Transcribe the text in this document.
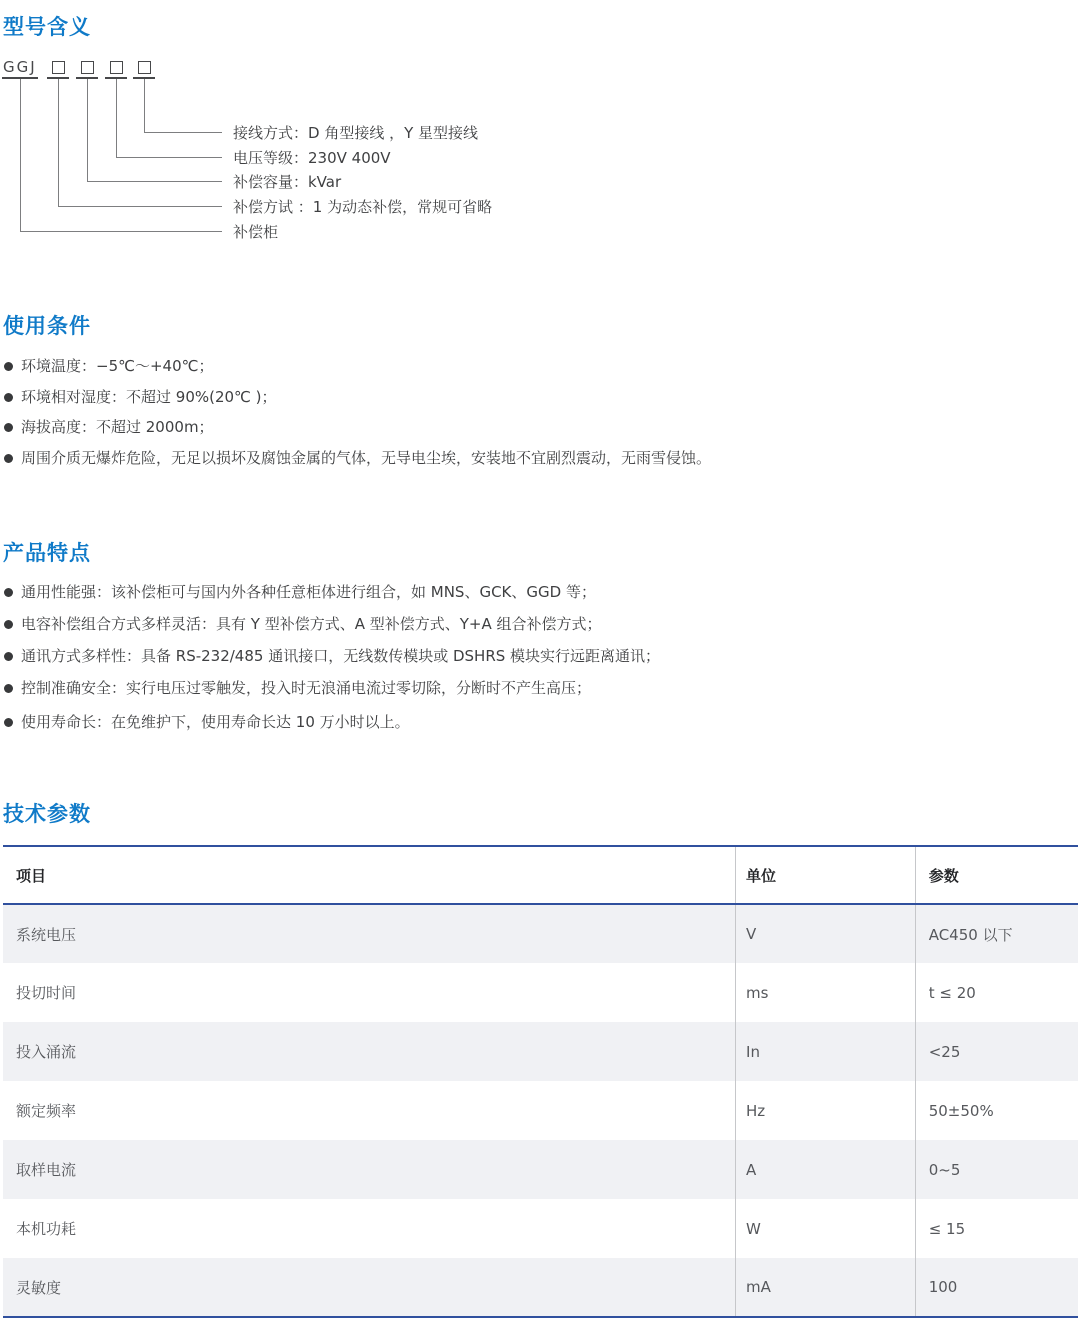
型号含义
GGJ
接线方式：D 角型接线 ，Y 星型接线
电压等级：230V 400V
补偿容量：kVar
补偿方试 ：1 为动态补偿，常规可省略
补偿柜
使用条件
环境温度：−5℃～+40℃；
环境相对湿度：不超过 90%(20℃ )；
海拔高度：不超过 2000m；
周围介质无爆炸危险，无足以损坏及腐蚀金属的气体，无导电尘埃，安装地不宜剧烈震动，无雨雪侵蚀。
产品特点
通用性能强：该补偿柜可与国内外各种任意柜体进行组合，如 MNS、GCK、GGD 等；
电容补偿组合方式多样灵活：具有 Y 型补偿方式、A 型补偿方式、Y+A 组合补偿方式；
通讯方式多样性：具备 RS-232/485 通讯接口，无线数传模块或 DSHRS 模块实行远距离通讯；
控制准确安全：实行电压过零触发，投入时无浪涌电流过零切除，分断时不产生高压；
使用寿命长：在免维护下，使用寿命长达 10 万小时以上。
技术参数
项目	单位	参数
系统电压	V	AC450 以下
投切时间	ms	t ≤ 20
投入涌流	In	<25
额定频率	Hz	50±50%
取样电流	A	0~5
本机功耗	W	≤ 15
灵敏度	mA	100
